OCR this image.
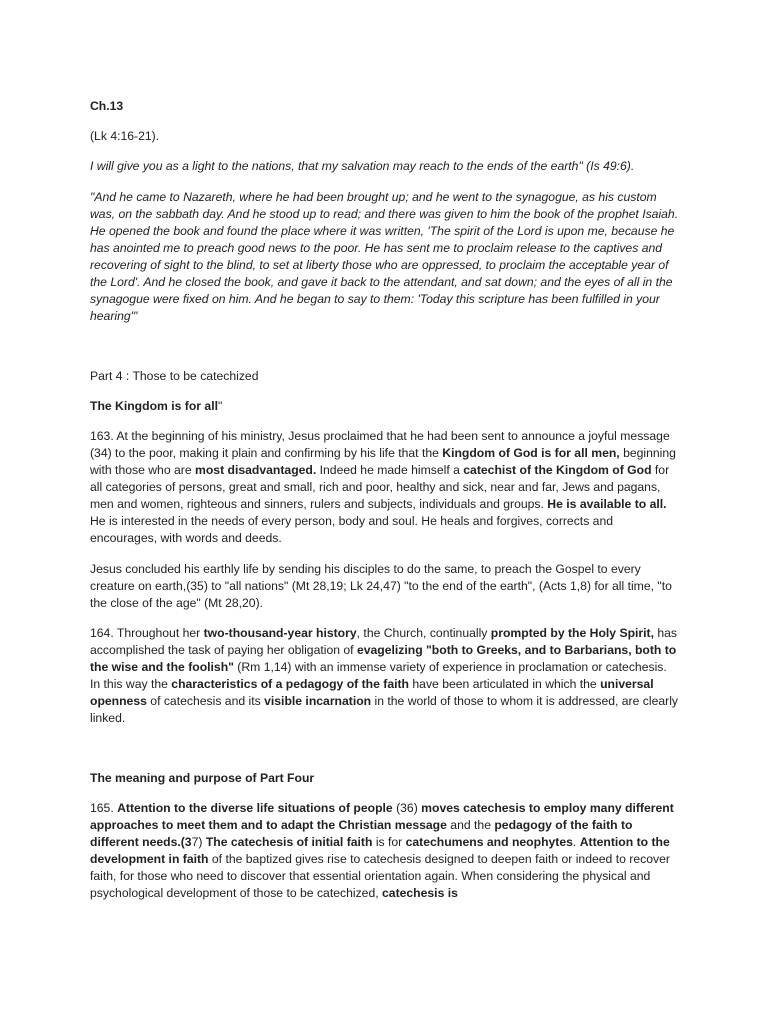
Ch.13

(Lk 4:16-21).

I will give you as a light to the nations, that my salvation may reach to the ends of the earth" (Is 49:6).

"And he came to Nazareth, where he had been brought up; and he went to the synagogue, as his custom was, on the sabbath day. And he stood up to read; and there was given to him the book of the prophet Isaiah. He opened the book and found the place where it was written, 'The spirit of the Lord is upon me, because he has anointed me to preach good news to the poor. He has sent me to proclaim release to the captives and recovering of sight to the blind, to set at liberty those who are oppressed, to proclaim the acceptable year of the Lord'. And he closed the book, and gave it back to the attendant, and sat down; and the eyes of all in the synagogue were fixed on him. And he began to say to them: 'Today this scripture has been fulfilled in your hearing'"

Part 4 : Those to be catechized

The Kingdom is for all"

163. At the beginning of his ministry, Jesus proclaimed that he had been sent to announce a joyful message (34) to the poor, making it plain and confirming by his life that the Kingdom of God is for all men, beginning with those who are most disadvantaged. Indeed he made himself a catechist of the Kingdom of God for all categories of persons, great and small, rich and poor, healthy and sick, near and far, Jews and pagans, men and women, righteous and sinners, rulers and subjects, individuals and groups. He is available to all. He is interested in the needs of every person, body and soul. He heals and forgives, corrects and encourages, with words and deeds.

Jesus concluded his earthly life by sending his disciples to do the same, to preach the Gospel to every creature on earth,(35) to "all nations" (Mt 28,19; Lk 24,47) "to the end of the earth", (Acts 1,8) for all time, "to the close of the age" (Mt 28,20).

164. Throughout her two-thousand-year history, the Church, continually prompted by the Holy Spirit, has accomplished the task of paying her obligation of evagelizing "both to Greeks, and to Barbarians, both to the wise and the foolish" (Rm 1,14) with an immense variety of experience in proclamation or catechesis. In this way the characteristics of a pedagogy of the faith have been articulated in which the universal openness of catechesis and its visible incarnation in the world of those to whom it is addressed, are clearly linked.

The meaning and purpose of Part Four

165. Attention to the diverse life situations of people (36) moves catechesis to employ many different approaches to meet them and to adapt the Christian message and the pedagogy of the faith to different needs.(37) The catechesis of initial faith is for catechumens and neophytes. Attention to the development in faith of the baptized gives rise to catechesis designed to deepen faith or indeed to recover faith, for those who need to discover that essential orientation again. When considering the physical and psychological development of those to be catechized, catechesis is
